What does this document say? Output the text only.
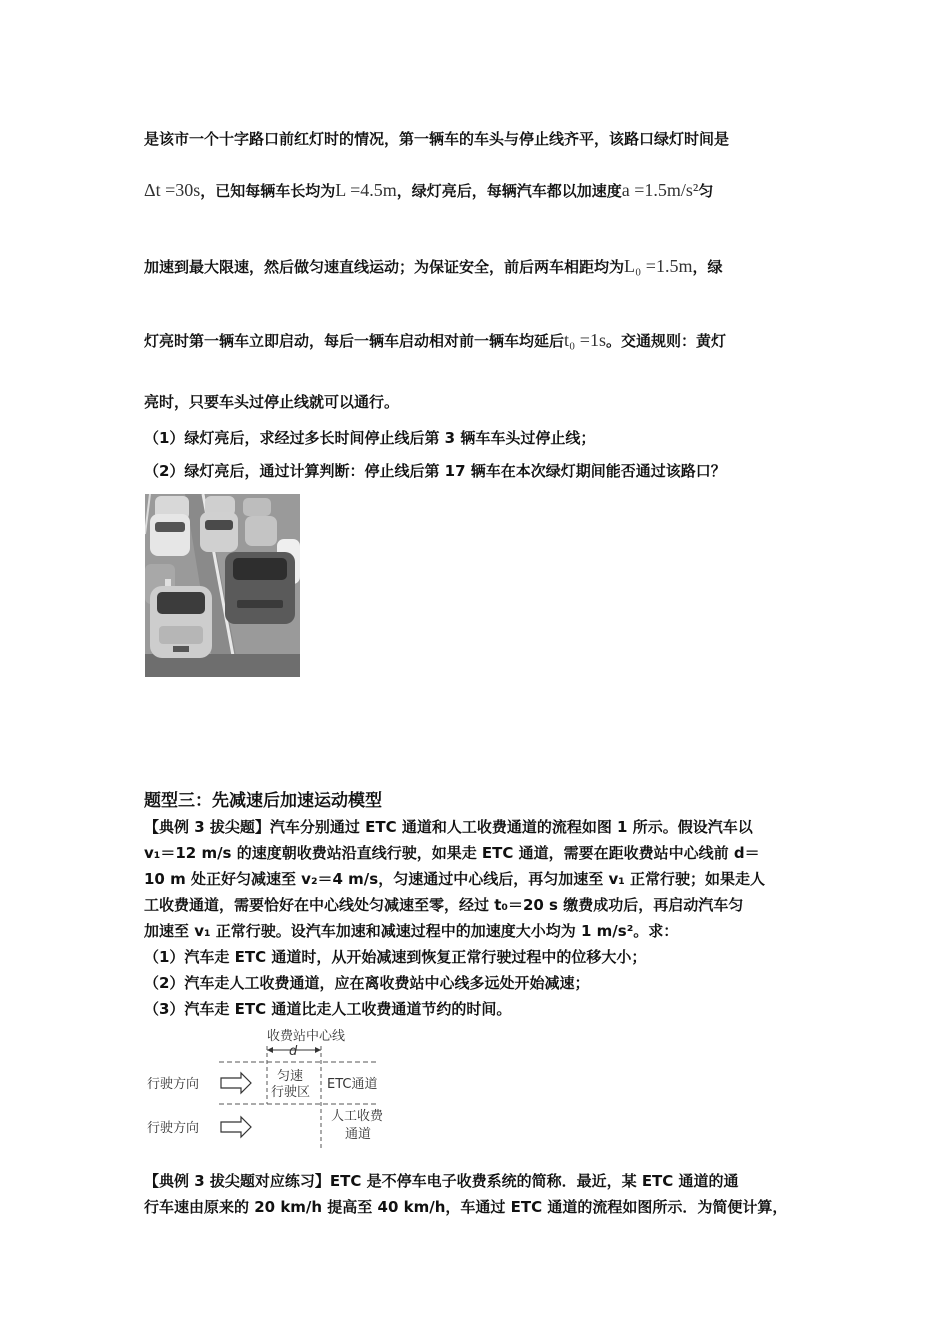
是该市一个十字路口前红灯时的情况，第一辆车的车头与停止线齐平，该路口绿灯时间是
Δt =30s，已知每辆车长均为L =4.5m，绿灯亮后，每辆汽车都以加速度a =1.5m/s²匀
加速到最大限速，然后做匀速直线运动；为保证安全，前后两车相距均为L₀ =1.5m，绿
灯亮时第一辆车立即启动，每后一辆车启动相对前一辆车均延后t₀ =1s。交通规则：黄灯
亮时，只要车头过停止线就可以通行。
（1）绿灯亮后，求经过多长时间停止线后第 3 辆车车头过停止线；
（2）绿灯亮后，通过计算判断：停止线后第 17 辆车在本次绿灯期间能否通过该路口？
题型三：先减速后加速运动模型
【典例 3 拔尖题】汽车分别通过 ETC 通道和人工收费通道的流程如图 1 所示。假设汽车以
v₁＝12 m/s 的速度朝收费站沿直线行驶，如果走 ETC 通道，需要在距收费站中心线前 d＝
10 m 处正好匀减速至 v₂＝4 m/s，匀速通过中心线后，再匀加速至 v₁ 正常行驶；如果走人
工收费通道，需要恰好在中心线处匀减速至零，经过 t₀＝20 s 缴费成功后，再启动汽车匀
加速至 v₁ 正常行驶。设汽车加速和减速过程中的加速度大小均为 1 m/s²。求：
（1）汽车走 ETC 通道时，从开始减速到恢复正常行驶过程中的位移大小；
（2）汽车走人工收费通道，应在离收费站中心线多远处开始减速；
（3）汽车走 ETC 通道比走人工收费通道节约的时间。
收费站中心线
d
行驶方向
匀速
行驶区
ETC通道
行驶方向
人工收费
通道
【典例 3 拔尖题对应练习】ETC 是不停车电子收费系统的简称．最近，某 ETC 通道的通
行车速由原来的 20 km/h 提高至 40 km/h，车通过 ETC 通道的流程如图所示．为简便计算，
